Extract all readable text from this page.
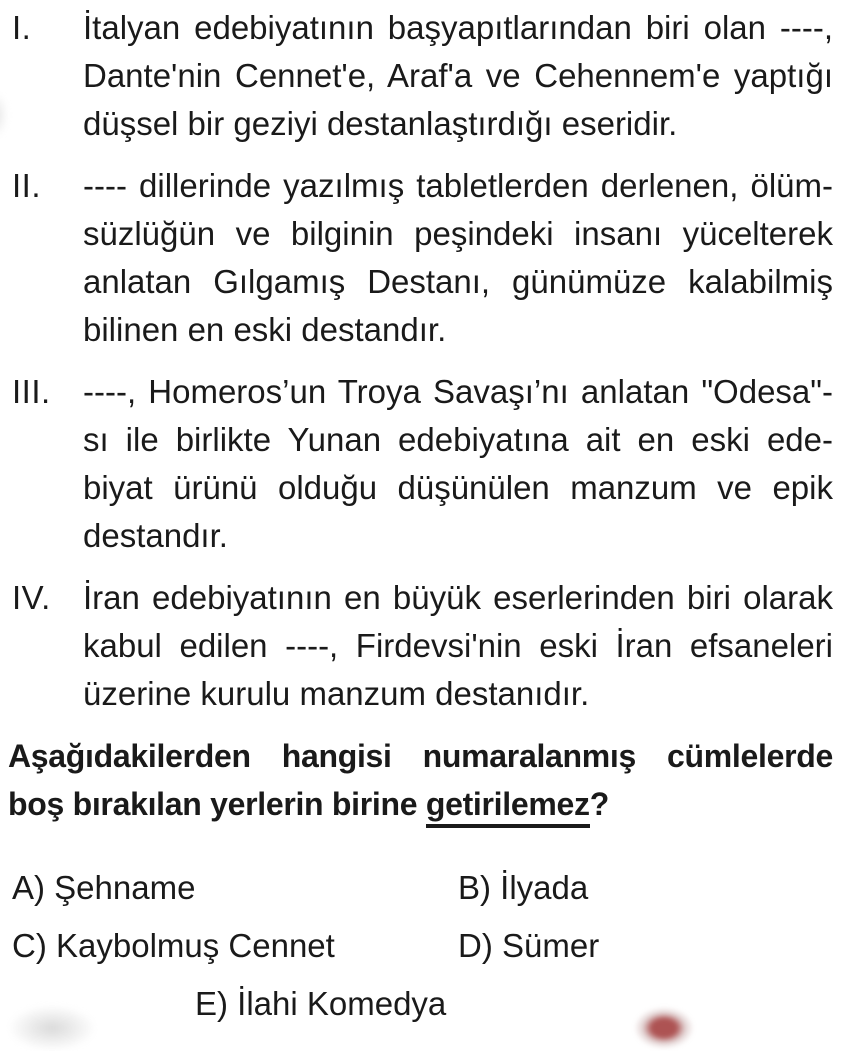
I.	İtalyan edebiyatının başyapıtlarından biri olan ----,
Dante'nin Cennet'e, Araf'a ve Cehennem'e yaptığı
düşsel bir geziyi destanlaştırdığı eseridir.
II.	---- dillerinde yazılmış tabletlerden derlenen, ölüm-
süzlüğün ve bilginin peşindeki insanı yücelterek
anlatan Gılgamış Destanı, günümüze kalabilmiş
bilinen en eski destandır.
III. ----, Homeros’un Troya Savaşı’nı anlatan "Odesa"-
sı ile birlikte Yunan edebiyatına ait en eski ede-
biyat ürünü olduğu düşünülen manzum ve epik
destandır.
IV. İran edebiyatının en büyük eserlerinden biri olarak
kabul edilen ----, Firdevsi'nin eski İran efsaneleri
üzerine kurulu manzum destanıdır.
Aşağıdakilerden hangisi numaralanmış cümlelerde
boş bırakılan yerlerin birine getirilemez?
A) Şehname	B) İlyada
C) Kaybolmuş Cennet	D) Sümer
E) İlahi Komedya
